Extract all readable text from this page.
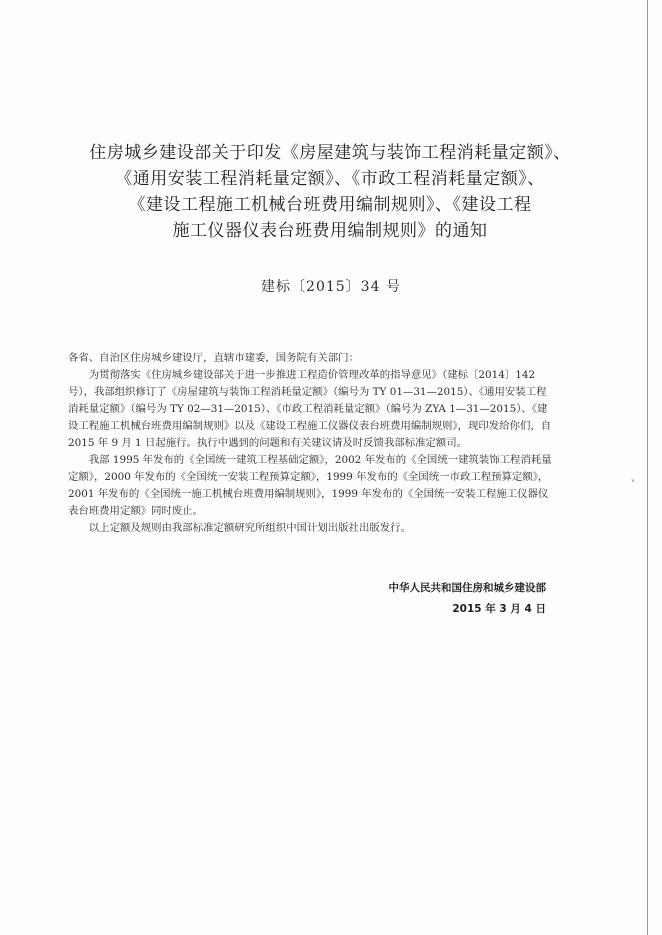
住房城乡建设部关于印发《房屋建筑与装饰工程消耗量定额》、
《通用安装工程消耗量定额》、《市政工程消耗量定额》、
《建设工程施工机械台班费用编制规则》、《建设工程
施工仪器仪表台班费用编制规则》的通知
建标〔2015〕34 号

各省、自治区住房城乡建设厅，直辖市建委，国务院有关部门：

为贯彻落实《住房城乡建设部关于进一步推进工程造价管理改革的指导意见》（建标〔2014〕142号），我部组织修订了《房屋建筑与装饰工程消耗量定额》（编号为 TY 01—31—2015）、《通用安装工程消耗量定额》（编号为 TY 02—31—2015）、《市政工程消耗量定额》（编号为 ZYA 1—31—2015）、《建设工程施工机械台班费用编制规则》以及《建设工程施工仪器仪表台班费用编制规则》，现印发给你们，自 2015 年 9 月 1 日起施行。执行中遇到的问题和有关建议请及时反馈我部标准定额司。

我部 1995 年发布的《全国统一建筑工程基础定额》，2002 年发布的《全国统一建筑装饰工程消耗量定额》，2000 年发布的《全国统一安装工程预算定额》，1999 年发布的《全国统一市政工程预算定额》，2001 年发布的《全国统一施工机械台班费用编制规则》，1999 年发布的《全国统一安装工程施工仪器仪表台班费用定额》同时废止。

以上定额及规则由我部标准定额研究所组织中国计划出版社出版发行。

中华人民共和国住房和城乡建设部
2015 年 3 月 4 日
